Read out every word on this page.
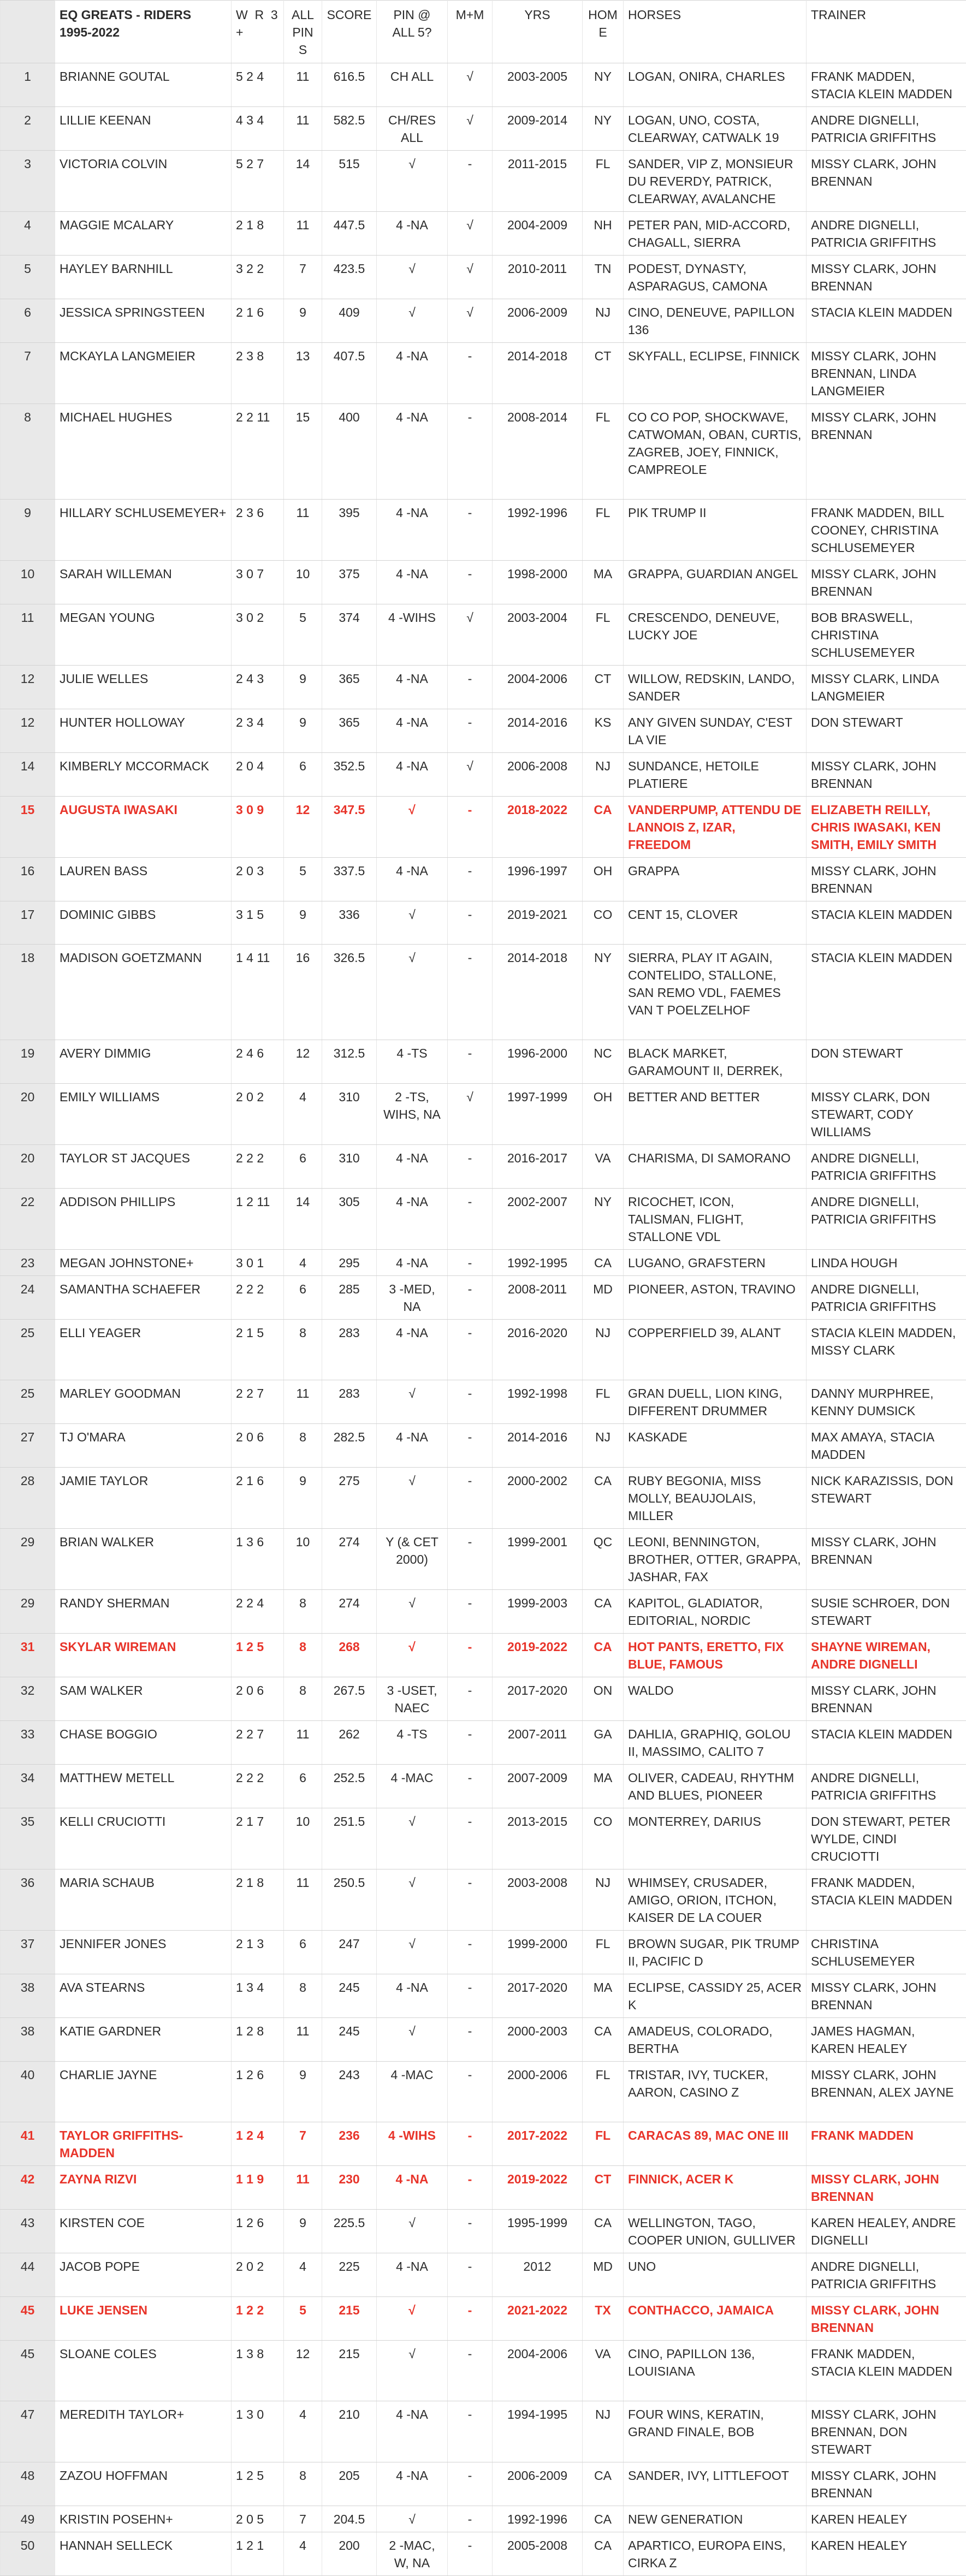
	EQ GREATS - RIDERS 1995-2022	W R 3+	ALL PINS	SCORE	PIN @ ALL 5?	M+M	YRS	HOME	HORSES	TRAINER
1	BRIANNE GOUTAL	5 2 4	11	616.5	CH ALL	√	2003-2005	NY	LOGAN, ONIRA, CHARLES	FRANK MADDEN, STACIA KLEIN MADDEN
2	LILLIE KEENAN	4 3 4	11	582.5	CH/RES ALL	√	2009-2014	NY	LOGAN, UNO, COSTA, CLEARWAY, CATWALK 19	ANDRE DIGNELLI, PATRICIA GRIFFITHS
3	VICTORIA COLVIN	5 2 7	14	515	√	-	2011-2015	FL	SANDER, VIP Z, MONSIEUR DU REVERDY, PATRICK, CLEARWAY, AVALANCHE	MISSY CLARK, JOHN BRENNAN
4	MAGGIE MCALARY	2 1 8	11	447.5	4 -NA	√	2004-2009	NH	PETER PAN, MID-ACCORD, CHAGALL, SIERRA	ANDRE DIGNELLI, PATRICIA GRIFFITHS
5	HAYLEY BARNHILL	3 2 2	7	423.5	√	√	2010-2011	TN	PODEST, DYNASTY, ASPARAGUS, CAMONA	MISSY CLARK, JOHN BRENNAN
6	JESSICA SPRINGSTEEN	2 1 6	9	409	√	√	2006-2009	NJ	CINO, DENEUVE, PAPILLON 136	STACIA KLEIN MADDEN
7	MCKAYLA LANGMEIER	2 3 8	13	407.5	4 -NA	-	2014-2018	CT	SKYFALL, ECLIPSE, FINNICK	MISSY CLARK, JOHN BRENNAN, LINDA LANGMEIER
8	MICHAEL HUGHES	2 2 11	15	400	4 -NA	-	2008-2014	FL	CO CO POP, SHOCKWAVE, CATWOMAN, OBAN, CURTIS, ZAGREB, JOEY, FINNICK, CAMPREOLE	MISSY CLARK, JOHN BRENNAN
9	HILLARY SCHLUSEMEYER+	2 3 6	11	395	4 -NA	-	1992-1996	FL	PIK TRUMP II	FRANK MADDEN, BILL COONEY, CHRISTINA SCHLUSEMEYER
10	SARAH WILLEMAN	3 0 7	10	375	4 -NA	-	1998-2000	MA	GRAPPA, GUARDIAN ANGEL	MISSY CLARK, JOHN BRENNAN
11	MEGAN YOUNG	3 0 2	5	374	4 -WIHS	√	2003-2004	FL	CRESCENDO, DENEUVE, LUCKY JOE	BOB BRASWELL, CHRISTINA SCHLUSEMEYER
12	JULIE WELLES	2 4 3	9	365	4 -NA	-	2004-2006	CT	WILLOW, REDSKIN, LANDO, SANDER	MISSY CLARK, LINDA LANGMEIER
12	HUNTER HOLLOWAY	2 3 4	9	365	4 -NA	-	2014-2016	KS	ANY GIVEN SUNDAY, C'EST LA VIE	DON STEWART
14	KIMBERLY MCCORMACK	2 0 4	6	352.5	4 -NA	√	2006-2008	NJ	SUNDANCE, HETOILE PLATIERE	MISSY CLARK, JOHN BRENNAN
15	AUGUSTA IWASAKI	3 0 9	12	347.5	√	-	2018-2022	CA	VANDERPUMP, ATTENDU DE LANNOIS Z, IZAR, FREEDOM	ELIZABETH REILLY, CHRIS IWASAKI, KEN SMITH, EMILY SMITH
16	LAUREN BASS	2 0 3	5	337.5	4 -NA	-	1996-1997	OH	GRAPPA	MISSY CLARK, JOHN BRENNAN
17	DOMINIC GIBBS	3 1 5	9	336	√	-	2019-2021	CO	CENT 15, CLOVER	STACIA KLEIN MADDEN
18	MADISON GOETZMANN	1 4 11	16	326.5	√	-	2014-2018	NY	SIERRA, PLAY IT AGAIN, CONTELIDO, STALLONE, SAN REMO VDL, FAEMES VAN T POELZELHOF	STACIA KLEIN MADDEN
19	AVERY DIMMIG	2 4 6	12	312.5	4 -TS	-	1996-2000	NC	BLACK MARKET, GARAMOUNT II, DERREK,	DON STEWART
20	EMILY WILLIAMS	2 0 2	4	310	2 -TS, WIHS, NA	√	1997-1999	OH	BETTER AND BETTER	MISSY CLARK, DON STEWART, CODY WILLIAMS
20	TAYLOR ST JACQUES	2 2 2	6	310	4 -NA	-	2016-2017	VA	CHARISMA, DI SAMORANO	ANDRE DIGNELLI, PATRICIA GRIFFITHS
22	ADDISON PHILLIPS	1 2 11	14	305	4 -NA	-	2002-2007	NY	RICOCHET, ICON, TALISMAN, FLIGHT, STALLONE VDL	ANDRE DIGNELLI, PATRICIA GRIFFITHS
23	MEGAN JOHNSTONE+	3 0 1	4	295	4 -NA	-	1992-1995	CA	LUGANO, GRAFSTERN	LINDA HOUGH
24	SAMANTHA SCHAEFER	2 2 2	6	285	3 -MED, NA	-	2008-2011	MD	PIONEER, ASTON, TRAVINO	ANDRE DIGNELLI, PATRICIA GRIFFITHS
25	ELLI YEAGER	2 1 5	8	283	4 -NA	-	2016-2020	NJ	COPPERFIELD 39, ALANT	STACIA KLEIN MADDEN, MISSY CLARK
25	MARLEY GOODMAN	2 2 7	11	283	√	-	1992-1998	FL	GRAN DUELL, LION KING, DIFFERENT DRUMMER	DANNY MURPHREE, KENNY DUMSICK
27	TJ O'MARA	2 0 6	8	282.5	4 -NA	-	2014-2016	NJ	KASKADE	MAX AMAYA, STACIA MADDEN
28	JAMIE TAYLOR	2 1 6	9	275	√	-	2000-2002	CA	RUBY BEGONIA, MISS MOLLY, BEAUJOLAIS, MILLER	NICK KARAZISSIS, DON STEWART
29	BRIAN WALKER	1 3 6	10	274	Y (& CET 2000)	-	1999-2001	QC	LEONI, BENNINGTON, BROTHER, OTTER, GRAPPA, JASHAR, FAX	MISSY CLARK, JOHN BRENNAN
29	RANDY SHERMAN	2 2 4	8	274	√	-	1999-2003	CA	KAPITOL, GLADIATOR, EDITORIAL, NORDIC	SUSIE SCHROER, DON STEWART
31	SKYLAR WIREMAN	1 2 5	8	268	√	-	2019-2022	CA	HOT PANTS, ERETTO, FIX BLUE, FAMOUS	SHAYNE WIREMAN, ANDRE DIGNELLI
32	SAM WALKER	2 0 6	8	267.5	3 -USET, NAEC	-	2017-2020	ON	WALDO	MISSY CLARK, JOHN BRENNAN
33	CHASE BOGGIO	2 2 7	11	262	4 -TS	-	2007-2011	GA	DAHLIA, GRAPHIQ, GOLOU II, MASSIMO, CALITO 7	STACIA KLEIN MADDEN
34	MATTHEW METELL	2 2 2	6	252.5	4 -MAC	-	2007-2009	MA	OLIVER, CADEAU, RHYTHM AND BLUES, PIONEER	ANDRE DIGNELLI, PATRICIA GRIFFITHS
35	KELLI CRUCIOTTI	2 1 7	10	251.5	√	-	2013-2015	CO	MONTERREY, DARIUS	DON STEWART, PETER WYLDE, CINDI CRUCIOTTI
36	MARIA SCHAUB	2 1 8	11	250.5	√	-	2003-2008	NJ	WHIMSEY, CRUSADER, AMIGO, ORION, ITCHON, KAISER DE LA COUER	FRANK MADDEN, STACIA KLEIN MADDEN
37	JENNIFER JONES	2 1 3	6	247	√	-	1999-2000	FL	BROWN SUGAR, PIK TRUMP II, PACIFIC D	CHRISTINA SCHLUSEMEYER
38	AVA STEARNS	1 3 4	8	245	4 -NA	-	2017-2020	MA	ECLIPSE, CASSIDY 25, ACER K	MISSY CLARK, JOHN BRENNAN
38	KATIE GARDNER	1 2 8	11	245	√	-	2000-2003	CA	AMADEUS, COLORADO, BERTHA	JAMES HAGMAN, KAREN HEALEY
40	CHARLIE JAYNE	1 2 6	9	243	4 -MAC	-	2000-2006	FL	TRISTAR, IVY, TUCKER, AARON, CASINO Z	MISSY CLARK, JOHN BRENNAN, ALEX JAYNE
41	TAYLOR GRIFFITHS-MADDEN	1 2 4	7	236	4 -WIHS	-	2017-2022	FL	CARACAS 89, MAC ONE III	FRANK MADDEN
42	ZAYNA RIZVI	1 1 9	11	230	4 -NA	-	2019-2022	CT	FINNICK, ACER K	MISSY CLARK, JOHN BRENNAN
43	KIRSTEN COE	1 2 6	9	225.5	√	-	1995-1999	CA	WELLINGTON, TAGO, COOPER UNION, GULLIVER	KAREN HEALEY, ANDRE DIGNELLI
44	JACOB POPE	2 0 2	4	225	4 -NA	-	2012	MD	UNO	ANDRE DIGNELLI, PATRICIA GRIFFITHS
45	LUKE JENSEN	1 2 2	5	215	√	-	2021-2022	TX	CONTHACCO, JAMAICA	MISSY CLARK, JOHN BRENNAN
45	SLOANE COLES	1 3 8	12	215	√	-	2004-2006	VA	CINO, PAPILLON 136, LOUISIANA	FRANK MADDEN, STACIA KLEIN MADDEN
47	MEREDITH TAYLOR+	1 3 0	4	210	4 -NA	-	1994-1995	NJ	FOUR WINS, KERATIN, GRAND FINALE, BOB	MISSY CLARK, JOHN BRENNAN, DON STEWART
48	ZAZOU HOFFMAN	1 2 5	8	205	4 -NA	-	2006-2009	CA	SANDER, IVY, LITTLEFOOT	MISSY CLARK, JOHN BRENNAN
49	KRISTIN POSEHN+	2 0 5	7	204.5	√	-	1992-1996	CA	NEW GENERATION	KAREN HEALEY
50	HANNAH SELLECK	1 2 1	4	200	2 -MAC, W, NA	-	2005-2008	CA	APARTICO, EUROPA EINS, CIRKA Z	KAREN HEALEY
